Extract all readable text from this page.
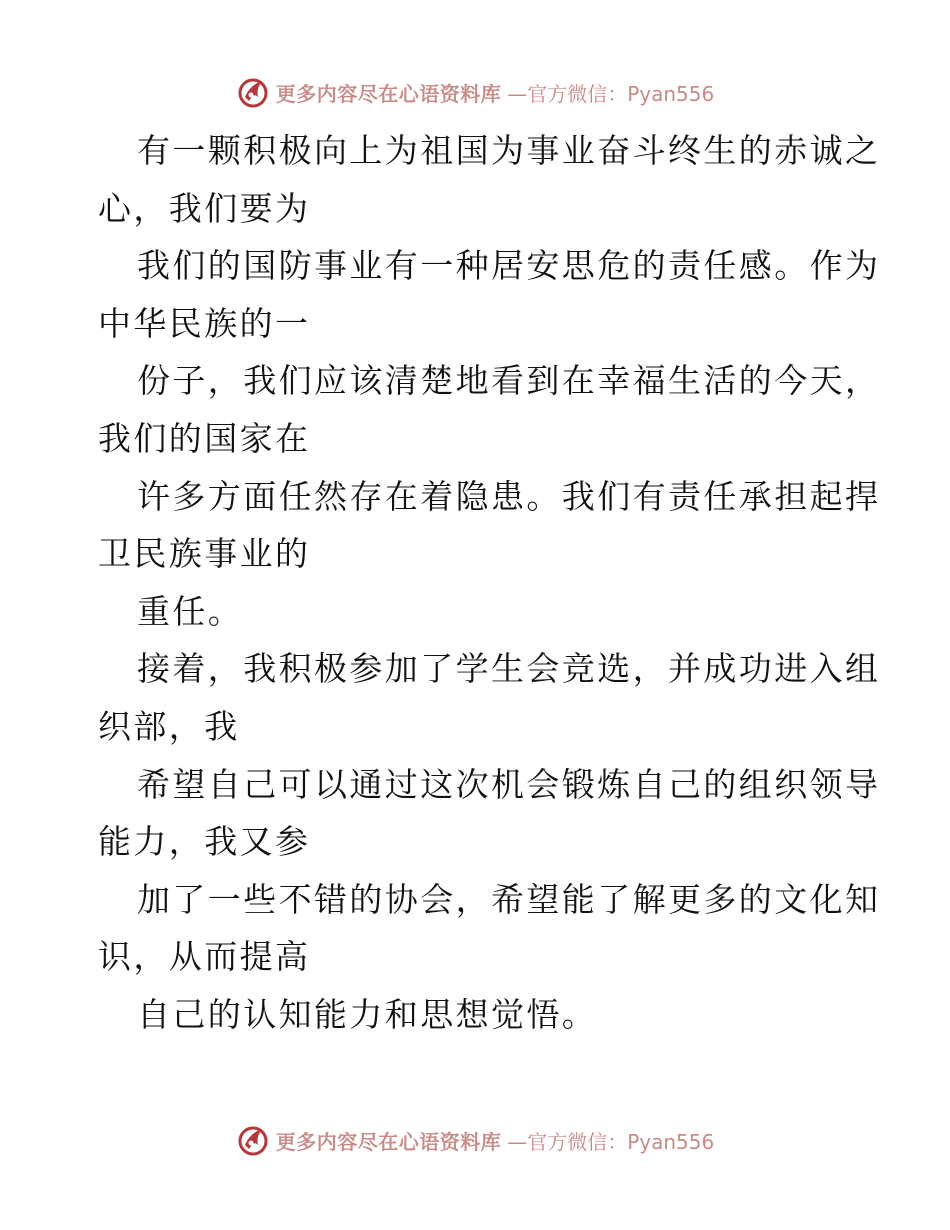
更多内容尽在心语资料库 —官方微信：Pyan556
有一颗积极向上为祖国为事业奋斗终生的赤诚之
心，我们要为
我们的国防事业有一种居安思危的责任感。作为
中华民族的一
份子，我们应该清楚地看到在幸福生活的今天，
我们的国家在
许多方面任然存在着隐患。我们有责任承担起捍
卫民族事业的
重任。
接着，我积极参加了学生会竞选，并成功进入组
织部，我
希望自己可以通过这次机会锻炼自己的组织领导
能力，我又参
加了一些不错的协会，希望能了解更多的文化知
识，从而提高
自己的认知能力和思想觉悟。
更多内容尽在心语资料库 —官方微信：Pyan556
